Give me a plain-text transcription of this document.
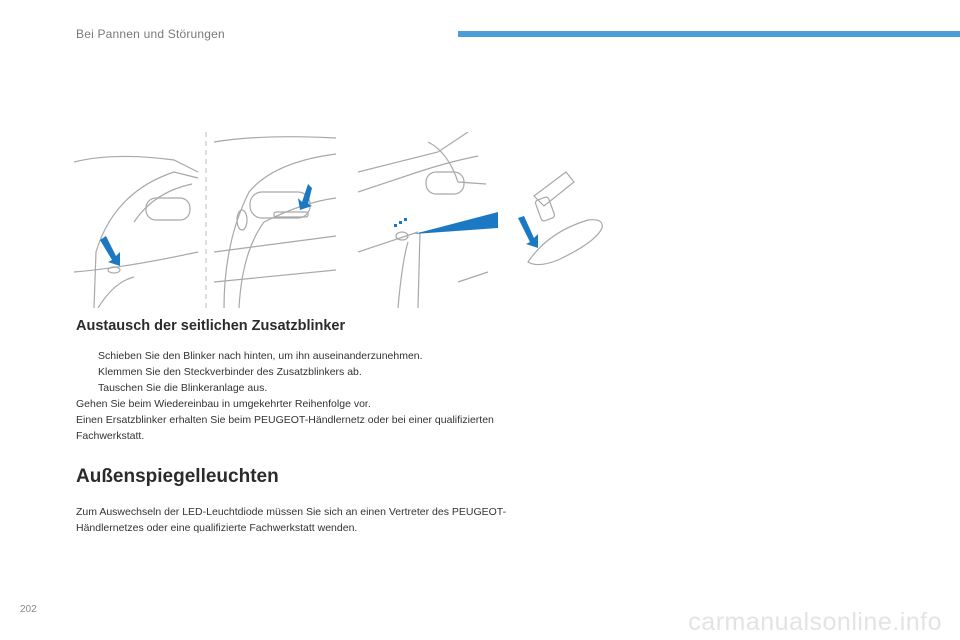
Bei Pannen und Störungen
Austausch der seitlichen Zusatzblinker
Schieben Sie den Blinker nach hinten, um ihn auseinanderzunehmen.
Klemmen Sie den Steckverbinder des Zusatzblinkers ab.
Tauschen Sie die Blinkeranlage aus.
Gehen Sie beim Wiedereinbau in umgekehrter Reihenfolge vor.
Einen Ersatzblinker erhalten Sie beim PEUGEOT-Händlernetz oder bei einer qualifizierten
Fachwerkstatt.
Außenspiegelleuchten
Zum Auswechseln der LED-Leuchtdiode müssen Sie sich an einen Vertreter des PEUGEOT-
Händlernetzes oder eine qualifizierte Fachwerkstatt wenden.
202	carmanualsonline.info
